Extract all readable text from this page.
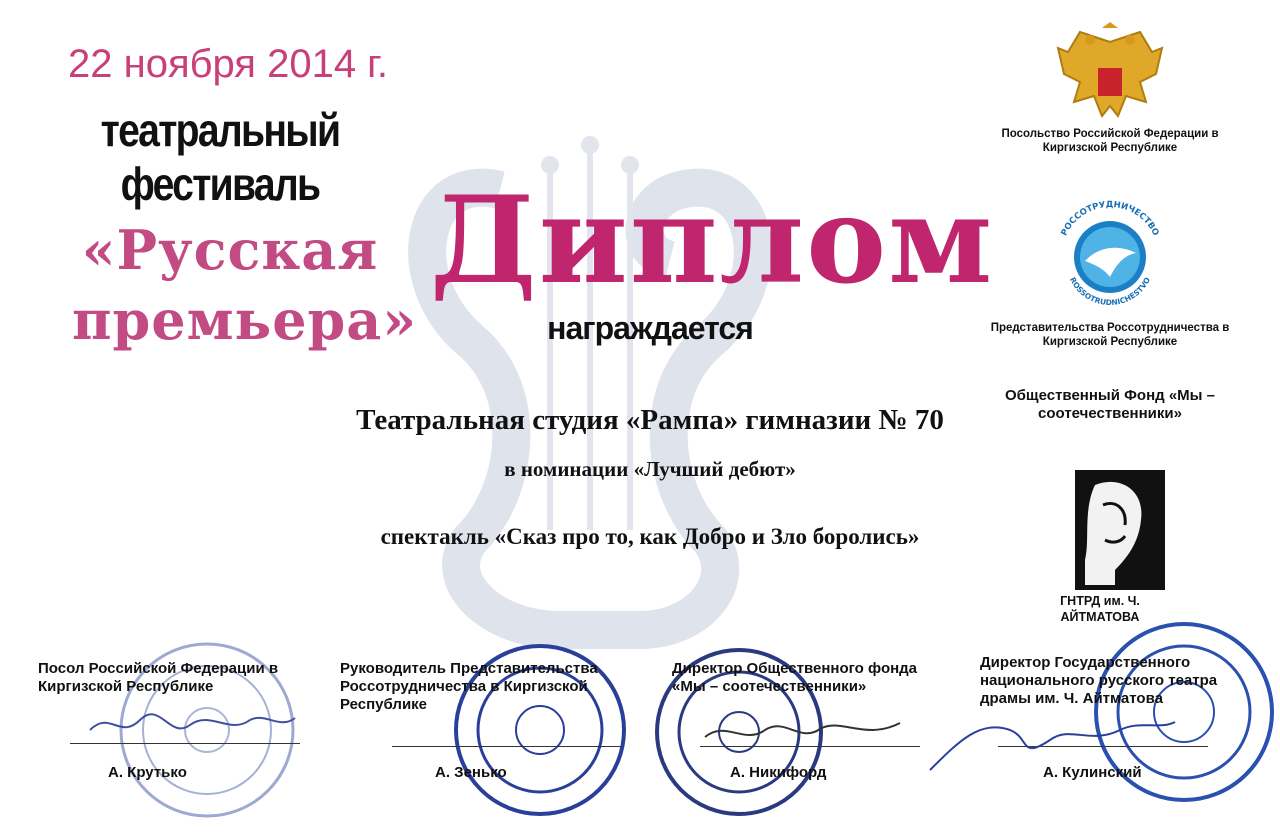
22 ноября 2014 г.
театральный
фестиваль
«Русская
премьера»
Диплом
награждается
Театральная студия «Рампа» гимназии № 70
в номинации «Лучший дебют»
спектакль «Сказ про то, как Добро и Зло боролись»
Посольство Российской Федерации в Киргизской Республике
РОССОТРУДНИЧЕСТВО
ROSSOTRUDNICHESTVO
Представительства Россотрудничества в Киргизской Республике
Общественный Фонд «Мы – соотечественники»
ГНТРД им. Ч. АЙТМАТОВА
Посол Российской Федерации в Киргизской Республике
А. Крутько
Руководитель Представительства Россотрудничества в Киргизской Республике
А. Зенько
Директор Общественного фонда «Мы – соотечественники»
А. Никифорд
Директор Государственного национального русского театра драмы им. Ч. Айтматова
А. Кулинский
